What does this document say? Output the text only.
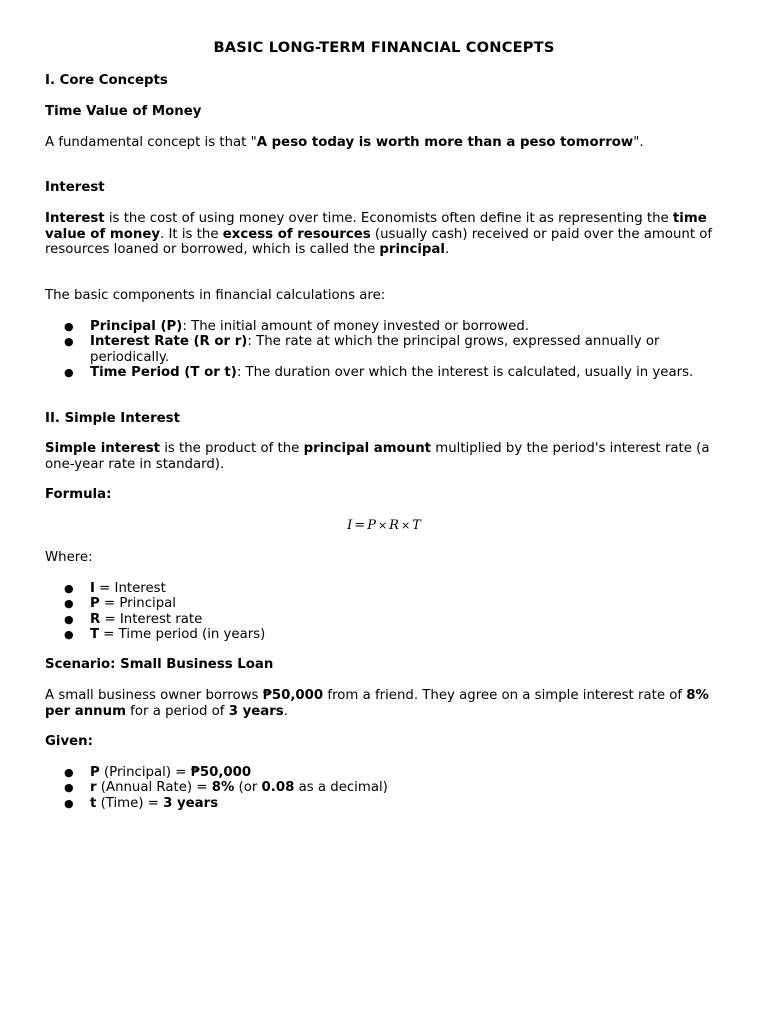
BASIC LONG-TERM FINANCIAL CONCEPTS
I. Core Concepts
Time Value of Money
A fundamental concept is that "A peso today is worth more than a peso tomorrow".
Interest
Interest is the cost of using money over time. Economists often define it as representing the time value of money. It is the excess of resources (usually cash) received or paid over the amount of resources loaned or borrowed, which is called the principal.
The basic components in financial calculations are:
● Principal (P): The initial amount of money invested or borrowed.
● Interest Rate (R or r): The rate at which the principal grows, expressed annually or periodically.
● Time Period (T or t): The duration over which the interest is calculated, usually in years.
II. Simple Interest
Simple interest is the product of the principal amount multiplied by the period's interest rate (a one-year rate in standard).
Formula:
I = P × R × T
Where:
● I = Interest
● P = Principal
● R = Interest rate
● T = Time period (in years)
Scenario: Small Business Loan
A small business owner borrows ₱50,000 from a friend. They agree on a simple interest rate of 8% per annum for a period of 3 years.
Given:
● P (Principal) = ₱50,000
● r (Annual Rate) = 8% (or 0.08 as a decimal)
● t (Time) = 3 years
